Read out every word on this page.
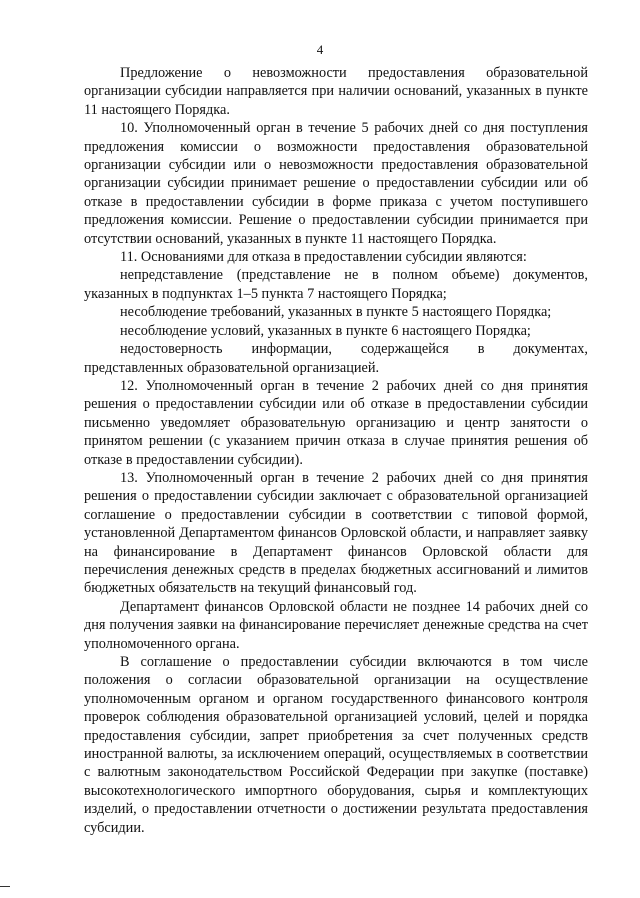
4

Предложение о невозможности предоставления образовательной организации субсидии направляется при наличии оснований, указанных в пункте 11 настоящего Порядка.

10. Уполномоченный орган в течение 5 рабочих дней со дня поступления предложения комиссии о возможности предоставления образовательной организации субсидии или о невозможности предоставления образовательной организации субсидии принимает решение о предоставлении субсидии или об отказе в предоставлении субсидии в форме приказа с учетом поступившего предложения комиссии. Решение о предоставлении субсидии принимается при отсутствии оснований, указанных в пункте 11 настоящего Порядка.

11. Основаниями для отказа в предоставлении субсидии являются:

непредставление (представление не в полном объеме) документов, указанных в подпунктах 1–5 пункта 7 настоящего Порядка;

несоблюдение требований, указанных в пункте 5 настоящего Порядка;

несоблюдение условий, указанных в пункте 6 настоящего Порядка;

недостоверность информации, содержащейся в документах, представленных образовательной организацией.

12. Уполномоченный орган в течение 2 рабочих дней со дня принятия решения о предоставлении субсидии или об отказе в предоставлении субсидии письменно уведомляет образовательную организацию и центр занятости о принятом решении (с указанием причин отказа в случае принятия решения об отказе в предоставлении субсидии).

13. Уполномоченный орган в течение 2 рабочих дней со дня принятия решения о предоставлении субсидии заключает с образовательной организацией соглашение о предоставлении субсидии в соответствии с типовой формой, установленной Департаментом финансов Орловской области, и направляет заявку на финансирование в Департамент финансов Орловской области для перечисления денежных средств в пределах бюджетных ассигнований и лимитов бюджетных обязательств на текущий финансовый год.

Департамент финансов Орловской области не позднее 14 рабочих дней со дня получения заявки на финансирование перечисляет денежные средства на счет уполномоченного органа.

В соглашение о предоставлении субсидии включаются в том числе положения о согласии образовательной организации на осуществление уполномоченным органом и органом государственного финансового контроля проверок соблюдения образовательной организацией условий, целей и порядка предоставления субсидии, запрет приобретения за счет полученных средств иностранной валюты, за исключением операций, осуществляемых в соответствии с валютным законодательством Российской Федерации при закупке (поставке) высокотехнологического импортного оборудования, сырья и комплектующих изделий, о предоставлении отчетности о достижении результата предоставления субсидии.
